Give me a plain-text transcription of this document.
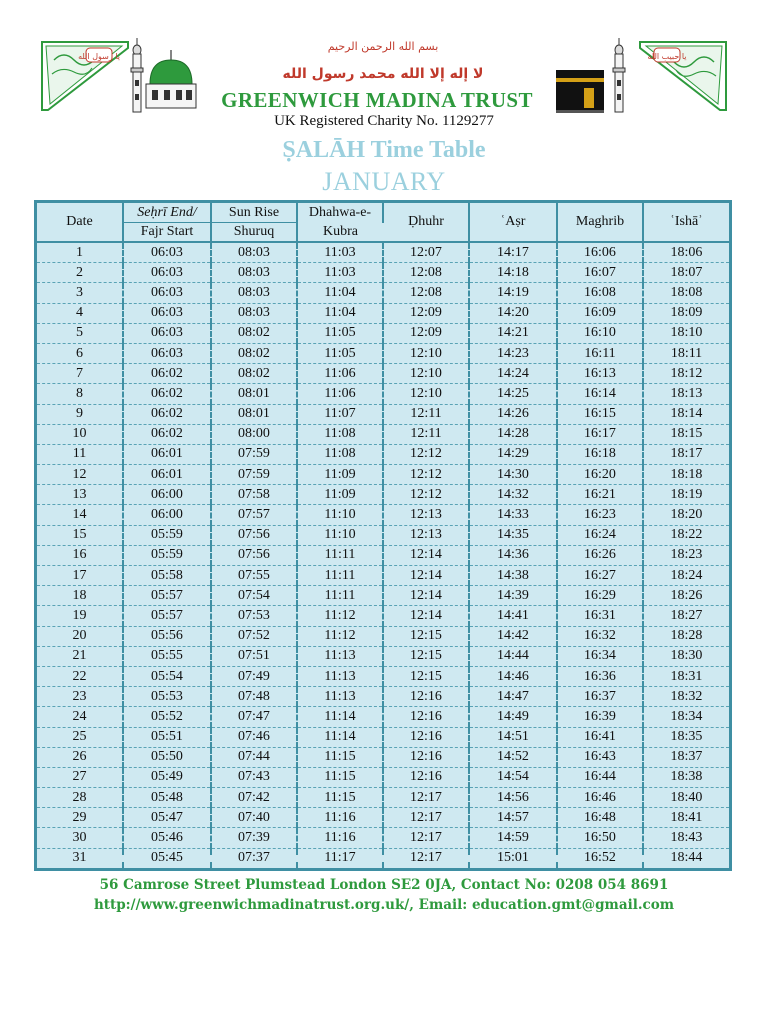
يا رسول الله	يا حبيب الله
بسم الله الرحمن الرحيم
لا إله إلا الله محمد رسول الله
GREENWICH MADINA TRUST
UK Registered Charity No. 1129277
ṢALĀH Time Table
JANUARY
Date	Seḥrī End/	Sun Rise	Dhahwa-e-	Ḍhuhr	ʿAṣr	Maghrib	ʿIshāʾ
	Fajr Start	Shuruq	Kubra				
1	06:03	08:03	11:03	12:07	14:17	16:06	18:06
2	06:03	08:03	11:03	12:08	14:18	16:07	18:07
3	06:03	08:03	11:04	12:08	14:19	16:08	18:08
4	06:03	08:03	11:04	12:09	14:20	16:09	18:09
5	06:03	08:02	11:05	12:09	14:21	16:10	18:10
6	06:03	08:02	11:05	12:10	14:23	16:11	18:11
7	06:02	08:02	11:06	12:10	14:24	16:13	18:12
8	06:02	08:01	11:06	12:10	14:25	16:14	18:13
9	06:02	08:01	11:07	12:11	14:26	16:15	18:14
10	06:02	08:00	11:08	12:11	14:28	16:17	18:15
11	06:01	07:59	11:08	12:12	14:29	16:18	18:17
12	06:01	07:59	11:09	12:12	14:30	16:20	18:18
13	06:00	07:58	11:09	12:12	14:32	16:21	18:19
14	06:00	07:57	11:10	12:13	14:33	16:23	18:20
15	05:59	07:56	11:10	12:13	14:35	16:24	18:22
16	05:59	07:56	11:11	12:14	14:36	16:26	18:23
17	05:58	07:55	11:11	12:14	14:38	16:27	18:24
18	05:57	07:54	11:11	12:14	14:39	16:29	18:26
19	05:57	07:53	11:12	12:14	14:41	16:31	18:27
20	05:56	07:52	11:12	12:15	14:42	16:32	18:28
21	05:55	07:51	11:13	12:15	14:44	16:34	18:30
22	05:54	07:49	11:13	12:15	14:46	16:36	18:31
23	05:53	07:48	11:13	12:16	14:47	16:37	18:32
24	05:52	07:47	11:14	12:16	14:49	16:39	18:34
25	05:51	07:46	11:14	12:16	14:51	16:41	18:35
26	05:50	07:44	11:15	12:16	14:52	16:43	18:37
27	05:49	07:43	11:15	12:16	14:54	16:44	18:38
28	05:48	07:42	11:15	12:17	14:56	16:46	18:40
29	05:47	07:40	11:16	12:17	14:57	16:48	18:41
30	05:46	07:39	11:16	12:17	14:59	16:50	18:43
31	05:45	07:37	11:17	12:17	15:01	16:52	18:44
56 Camrose Street Plumstead London SE2 0JA, Contact No: 0208 054 8691
http://www.greenwichmadinatrust.org.uk/, Email: education.gmt@gmail.com
